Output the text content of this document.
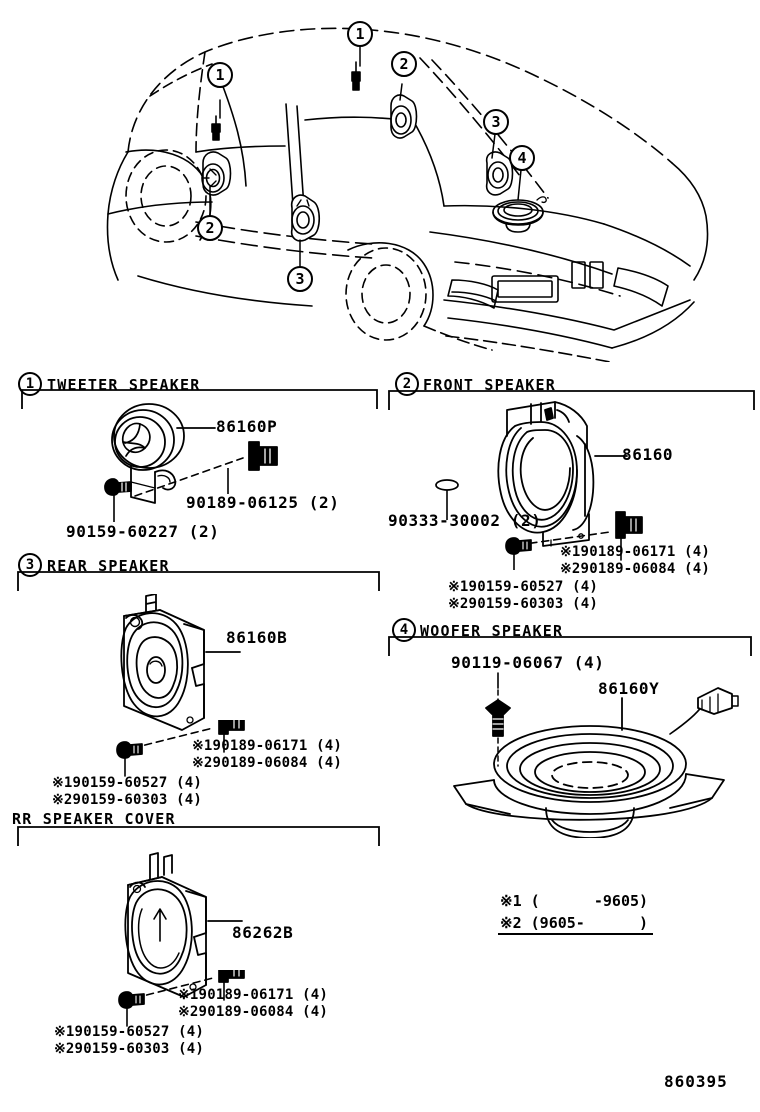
1
1
2
2
3
3
4
1 TWEETER SPEAKER
86160P
90189-06125 (2)
90159-60227 (2)
2 FRONT SPEAKER
86160
90333-30002 (2)
※190189-06171 (4)
※290189-06084 (4)
※190159-60527 (4)
※290159-60303 (4)
3 REAR SPEAKER
86160B
※190189-06171 (4)
※290189-06084 (4)
※190159-60527 (4)
※290159-60303 (4)
4 WOOFER SPEAKER
90119-06067 (4)
86160Y
RR SPEAKER COVER
86262B
※190189-06171 (4)
※290189-06084 (4)
※190159-60527 (4)
※290159-60303 (4)
※1 (      -9605)
※2 (9605-      )
860395
